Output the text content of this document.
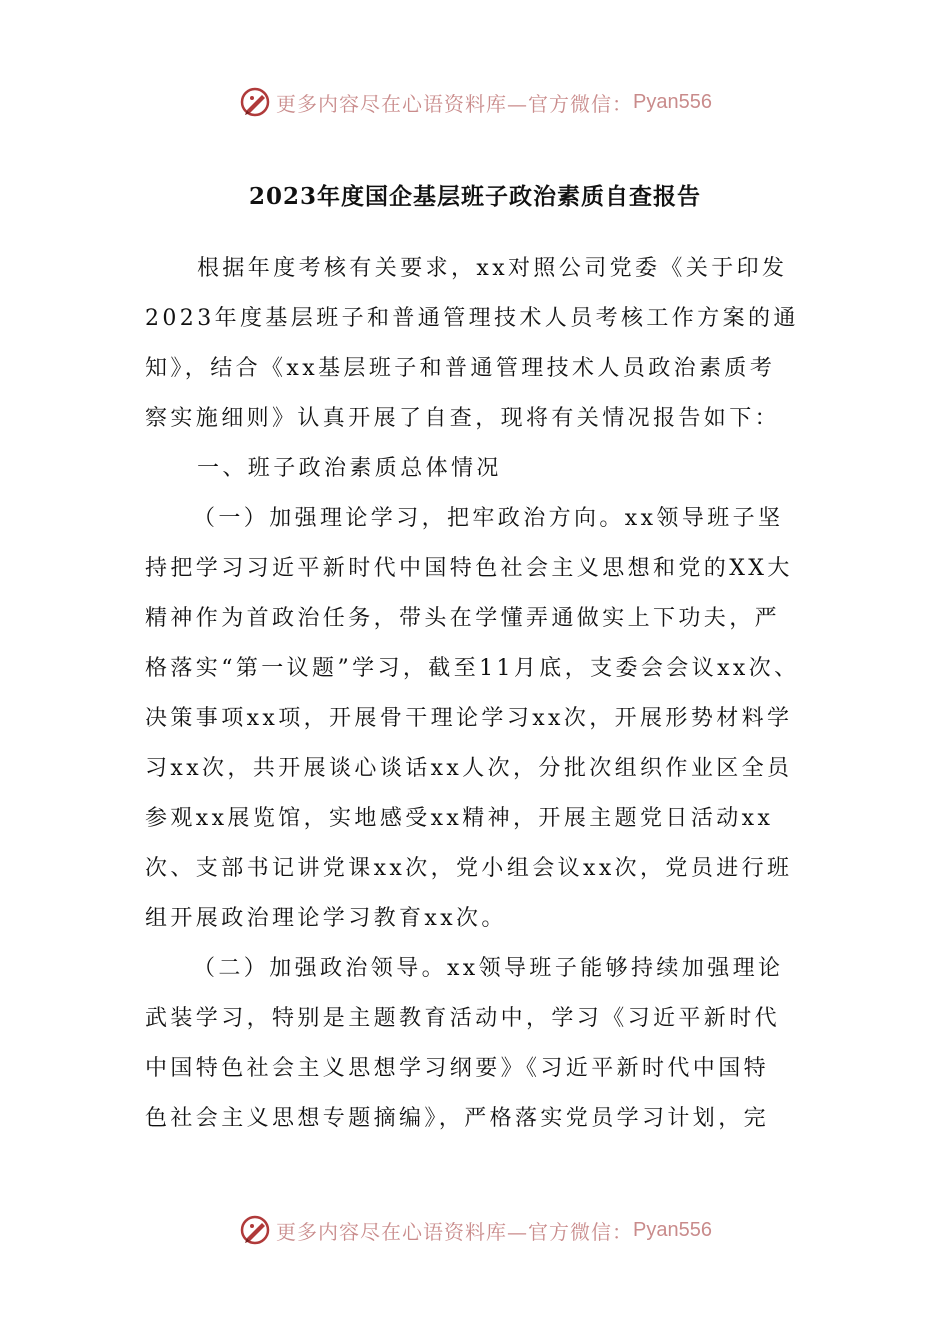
更多内容尽在心语资料库—官方微信： Pyan556
2023年度国企基层班子政治素质自查报告
根据年度考核有关要求，xx对照公司党委《关于印发
2023年度基层班子和普通管理技术人员考核工作方案的通
知》，结合《xx基层班子和普通管理技术人员政治素质考
察实施细则》认真开展了自查，现将有关情况报告如下：
一、班子政治素质总体情况
（一）加强理论学习，把牢政治方向。xx领导班子坚
持把学习习近平新时代中国特色社会主义思想和党的XX大
精神作为首政治任务，带头在学懂弄通做实上下功夫，严
格落实“第一议题”学习，截至11月底，支委会会议xx次、
决策事项xx项，开展骨干理论学习xx次，开展形势材料学
习xx次，共开展谈心谈话xx人次，分批次组织作业区全员
参观xx展览馆，实地感受xx精神，开展主题党日活动xx
次、支部书记讲党课xx次，党小组会议xx次，党员进行班
组开展政治理论学习教育xx次。
（二）加强政治领导。xx领导班子能够持续加强理论
武装学习，特别是主题教育活动中，学习《习近平新时代
中国特色社会主义思想学习纲要》《习近平新时代中国特
色社会主义思想专题摘编》，严格落实党员学习计划，完
更多内容尽在心语资料库—官方微信： Pyan556
